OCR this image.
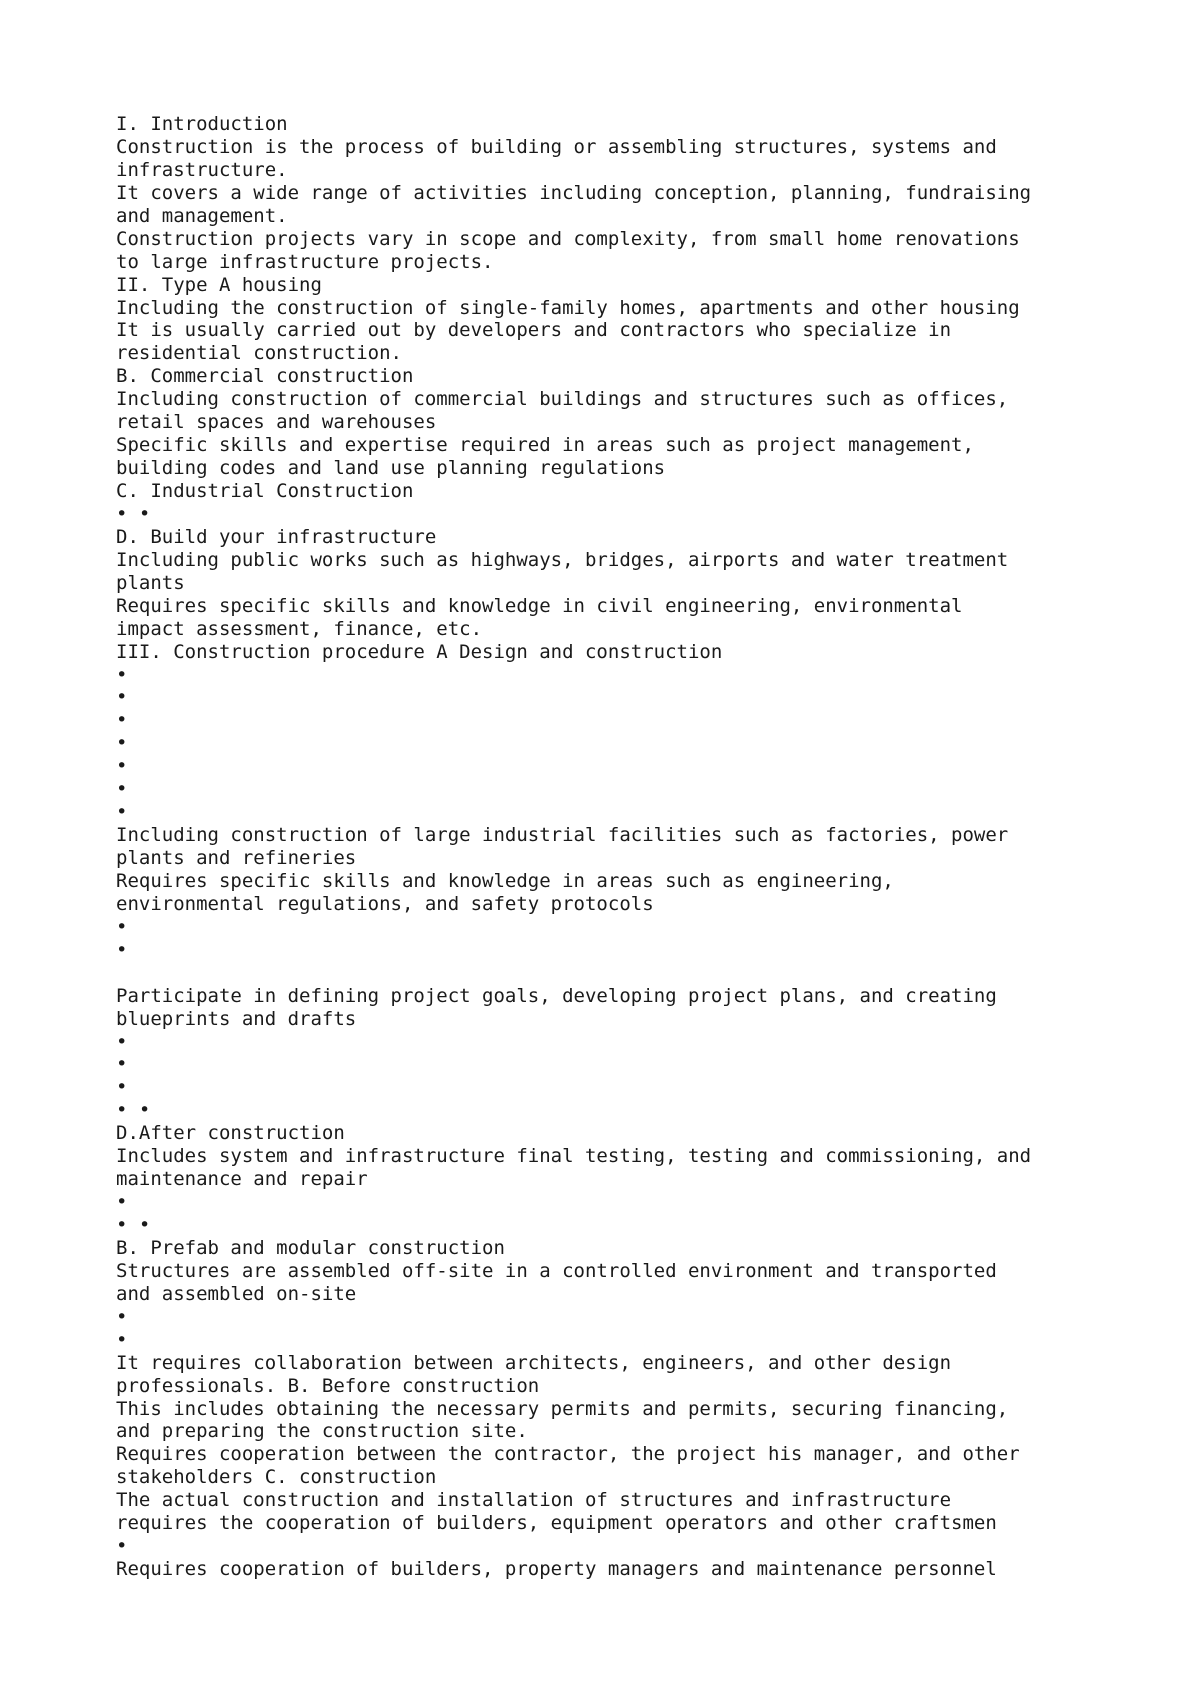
I. Introduction
Construction is the process of building or assembling structures, systems and
infrastructure.
It covers a wide range of activities including conception, planning, fundraising
and management.
Construction projects vary in scope and complexity, from small home renovations
to large infrastructure projects.
II. Type A housing
Including the construction of single-family homes, apartments and other housing
It is usually carried out by developers and contractors who specialize in
residential construction.
B. Commercial construction
Including construction of commercial buildings and structures such as offices,
retail spaces and warehouses
Specific skills and expertise required in areas such as project management,
building codes and land use planning regulations
C. Industrial Construction
• •
D. Build your infrastructure
Including public works such as highways, bridges, airports and water treatment
plants
Requires specific skills and knowledge in civil engineering, environmental
impact assessment, finance, etc.
III. Construction procedure A Design and construction
•
•
•
•
•
•
•
Including construction of large industrial facilities such as factories, power
plants and refineries
Requires specific skills and knowledge in areas such as engineering,
environmental regulations, and safety protocols
•
•
Participate in defining project goals, developing project plans, and creating
blueprints and drafts
•
•
•
• •
D.After construction
Includes system and infrastructure final testing, testing and commissioning, and
maintenance and repair
•
• •
B. Prefab and modular construction
Structures are assembled off-site in a controlled environment and transported
and assembled on-site
•
•
It requires collaboration between architects, engineers, and other design
professionals. B. Before construction
This includes obtaining the necessary permits and permits, securing financing,
and preparing the construction site.
Requires cooperation between the contractor, the project his manager, and other
stakeholders C. construction
The actual construction and installation of structures and infrastructure
requires the cooperation of builders, equipment operators and other craftsmen
•
Requires cooperation of builders, property managers and maintenance personnel
